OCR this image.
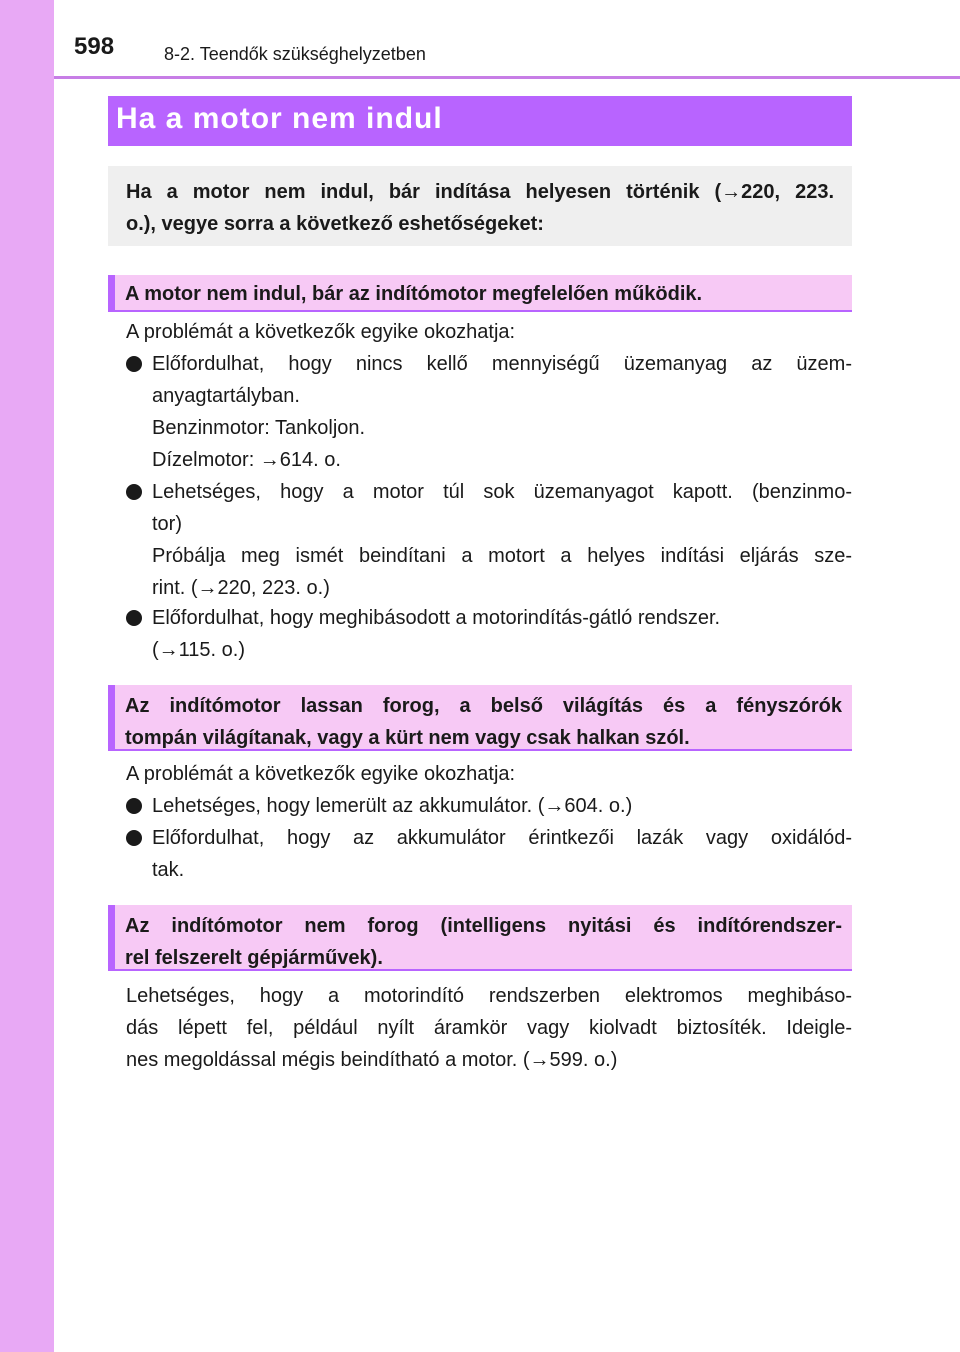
598	8-2. Teendők szükséghelyzetben
Ha a motor nem indul
Ha a motor nem indul, bár indítása helyesen történik (→220, 223.
o.), vegye sorra a következő eshetőségeket:
A motor nem indul, bár az indítómotor megfelelően működik.
A problémát a következők egyike okozhatja:
Előfordulhat, hogy nincs kellő mennyiségű üzemanyag az üzem-
anyagtartályban.
Benzinmotor: Tankoljon.
Dízelmotor: →614. o.
Lehetséges, hogy a motor túl sok üzemanyagot kapott. (benzinmo-
tor)
Próbálja meg ismét beindítani a motort a helyes indítási eljárás sze-
rint. (→220, 223. o.)
Előfordulhat, hogy meghibásodott a motorindítás-gátló rendszer.
(→115. o.)
Az indítómotor lassan forog, a belső világítás és a fényszórók
tompán világítanak, vagy a kürt nem vagy csak halkan szól.
A problémát a következők egyike okozhatja:
Lehetséges, hogy lemerült az akkumulátor. (→604. o.)
Előfordulhat, hogy az akkumulátor érintkezői lazák vagy oxidálód-
tak.
Az indítómotor nem forog (intelligens nyitási és indítórendszer-
rel felszerelt gépjárművek).
Lehetséges, hogy a motorindító rendszerben elektromos meghibáso-
dás lépett fel, például nyílt áramkör vagy kiolvadt biztosíték. Ideigle-
nes megoldással mégis beindítható a motor. (→599. o.)
